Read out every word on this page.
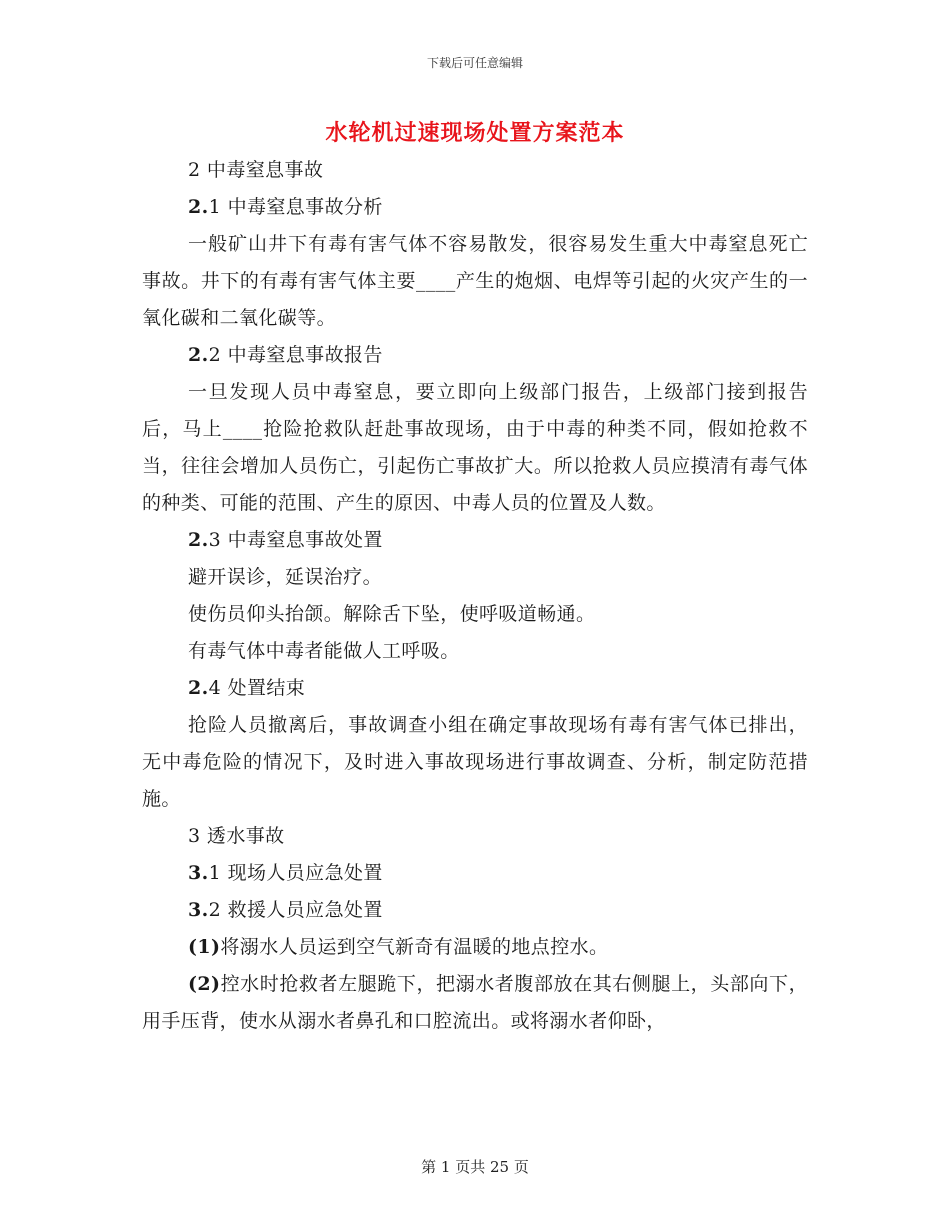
下载后可任意编辑
水轮机过速现场处置方案范本

2 中毒窒息事故

2.1 中毒窒息事故分析

一般矿山井下有毒有害气体不容易散发，很容易发生重大中毒窒息死亡事故。井下的有毒有害气体主要____产生的炮烟、电焊等引起的火灾产生的一氧化碳和二氧化碳等。

2.2 中毒窒息事故报告

一旦发现人员中毒窒息，要立即向上级部门报告，上级部门接到报告后，马上____抢险抢救队赶赴事故现场，由于中毒的种类不同，假如抢救不当，往往会增加人员伤亡，引起伤亡事故扩大。所以抢救人员应摸清有毒气体的种类、可能的范围、产生的原因、中毒人员的位置及人数。

2.3 中毒窒息事故处置

避开误诊，延误治疗。

使伤员仰头抬颌。解除舌下坠，使呼吸道畅通。

有毒气体中毒者能做人工呼吸。

2.4 处置结束

抢险人员撤离后，事故调查小组在确定事故现场有毒有害气体已排出，无中毒危险的情况下，及时进入事故现场进行事故调查、分析，制定防范措施。

3 透水事故

3.1 现场人员应急处置

3.2 救援人员应急处置

(1)将溺水人员运到空气新奇有温暖的地点控水。

(2)控水时抢救者左腿跪下，把溺水者腹部放在其右侧腿上，头部向下，用手压背，使水从溺水者鼻孔和口腔流出。或将溺水者仰卧，

第 1 页共 25 页
